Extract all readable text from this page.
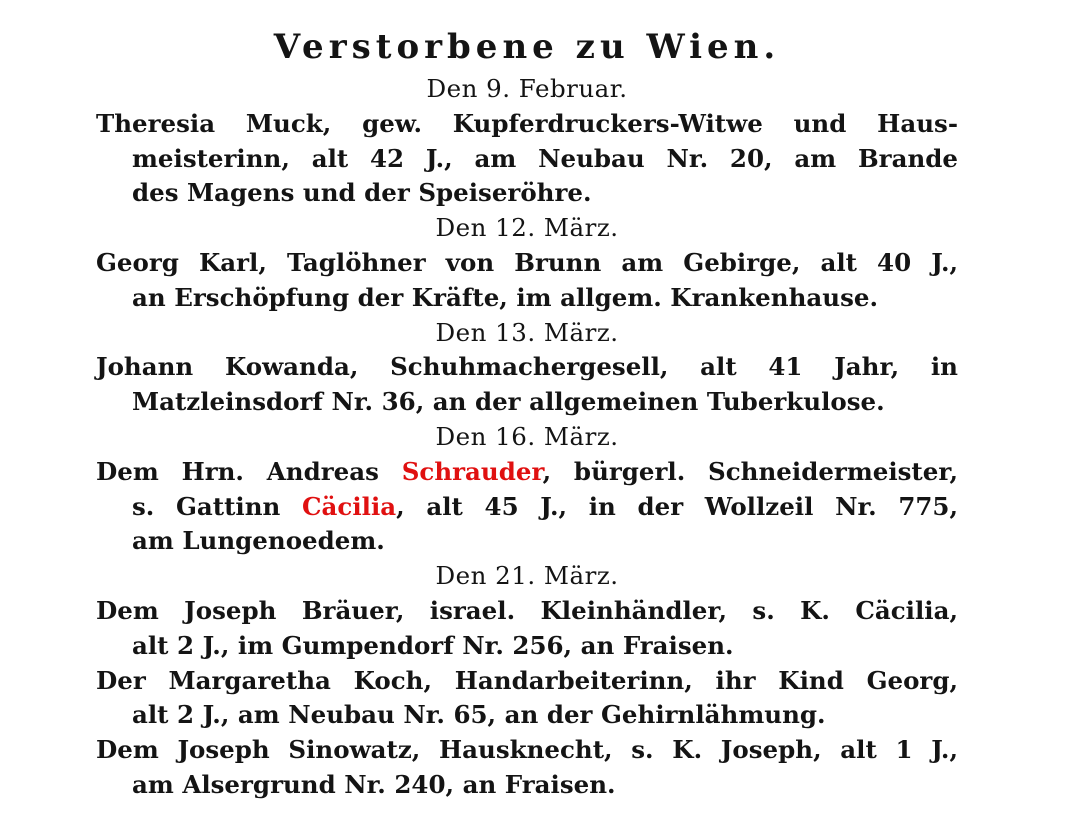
Verstorbene zu Wien.
Den 9. Februar.
Theresia Muck, gew. Kupferdruckers-Witwe und Haus-
meisterinn, alt 42 J., am Neubau Nr. 20, am Brande
des Magens und der Speiseröhre.
Den 12. März.
Georg Karl, Taglöhner von Brunn am Gebirge, alt 40 J.,
an Erschöpfung der Kräfte, im allgem. Krankenhause.
Den 13. März.
Johann Kowanda, Schuhmachergesell, alt 41 Jahr, in
Matzleinsdorf Nr. 36, an der allgemeinen Tuberkulose.
Den 16. März.
Dem Hrn. Andreas Schrauder, bürgerl. Schneidermeister,
s. Gattinn Cäcilia, alt 45 J., in der Wollzeil Nr. 775,
am Lungenoedem.
Den 21. März.
Dem Joseph Bräuer, israel. Kleinhändler, s. K. Cäcilia,
alt 2 J., im Gumpendorf Nr. 256, an Fraisen.
Der Margaretha Koch, Handarbeiterinn, ihr Kind Georg,
alt 2 J., am Neubau Nr. 65, an der Gehirnlähmung.
Dem Joseph Sinowatz, Hausknecht, s. K. Joseph, alt 1 J.,
am Alsergrund Nr. 240, an Fraisen.
